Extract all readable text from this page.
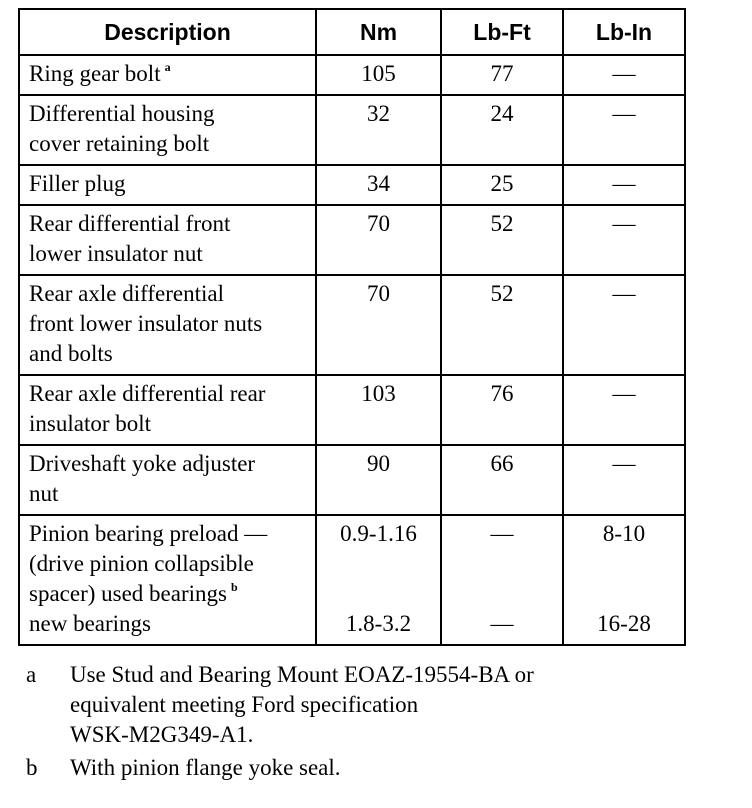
Description	Nm	Lb-Ft	Lb-In
Ring gear bolt $^a$	105	77	—
Differential housing
cover retaining bolt	32	24	—
Filler plug	34	25	—
Rear differential front
lower insulator nut	70	52	—
Rear axle differential
front lower insulator nuts
and bolts	70	52	—
Rear axle differential rear
insulator bolt	103	76	—
Driveshaft yoke adjuster
nut	90	66	—
Pinion bearing preload —
(drive pinion collapsible
spacer) used bearings $^b$	0.9-1.16	—	8-10
new bearings	1.8-3.2	—	16-28
a	Use Stud and Bearing Mount EOAZ-19554-BA or
equivalent meeting Ford specification
WSK-M2G349-A1.
b	With pinion flange yoke seal.
